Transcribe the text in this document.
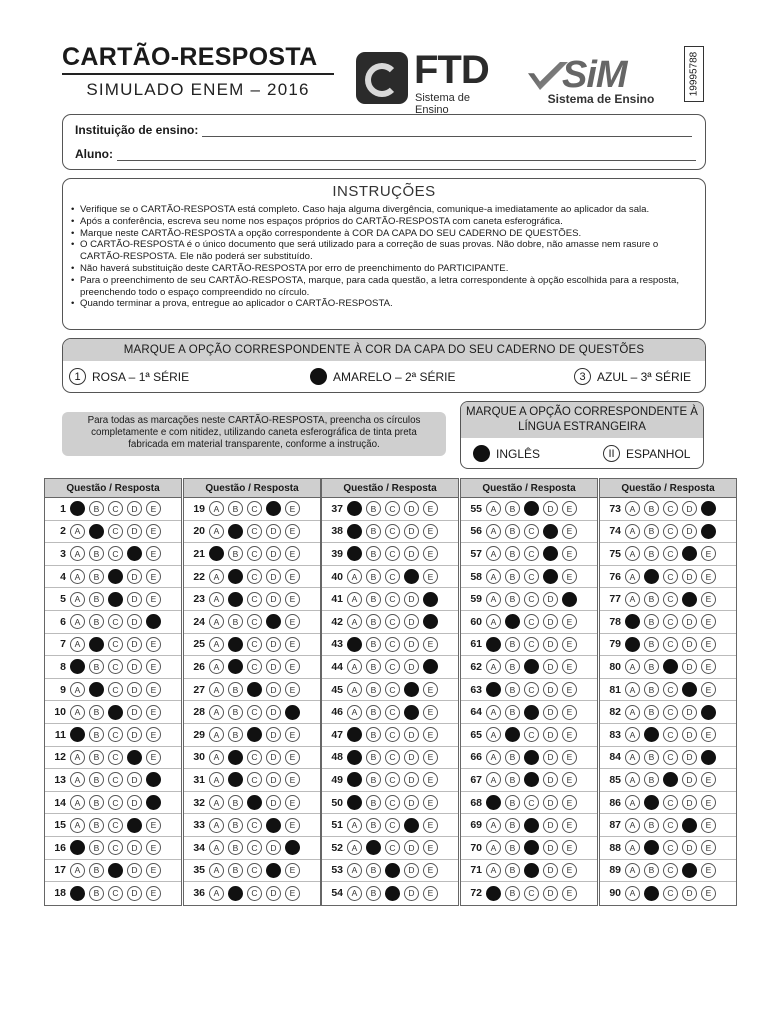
CARTÃO-RESPOSTA
SIMULADO ENEM – 2016	FTD
Sistema de Ensino
SiM
Sistema de Ensino
19995788
Instituição de ensino:
Aluno:
INSTRUÇÕES
• Verifique se o CARTÃO-RESPOSTA está completo. Caso haja alguma divergência, comunique-a imediatamente ao aplicador da sala.
• Após a conferência, escreva seu nome nos espaços próprios do CARTÃO-RESPOSTA com caneta esferográfica.
• Marque neste CARTÃO-RESPOSTA a opção correspondente à COR DA CAPA DO SEU CADERNO DE QUESTÕES.
• O CARTÃO-RESPOSTA é o único documento que será utilizado para a correção de suas provas. Não dobre, não amasse nem rasure o CARTÃO-RESPOSTA. Ele não poderá ser substituído.
• Não haverá substituição deste CARTÃO-RESPOSTA por erro de preenchimento do PARTICIPANTE.
• Para o preenchimento de seu CARTÃO-RESPOSTA, marque, para cada questão, a letra correspondente à opção escolhida para a resposta, preenchendo todo o espaço compreendido no círculo.
• Quando terminar a prova, entregue ao aplicador o CARTÃO-RESPOSTA.
MARQUE A OPÇÃO CORRESPONDENTE À COR DA CAPA DO SEU CADERNO DE QUESTÕES
1 ROSA – 1ª SÉRIE	AMARELO – 2ª SÉRIE	3 AZUL – 3ª SÉRIE
Para todas as marcações neste CARTÃO-RESPOSTA, preencha os círculos completamente e com nitidez, utilizando caneta esferográfica de tinta preta fabricada em material transparente, conforme a instrução.
MARQUE A OPÇÃO CORRESPONDENTE À LÍNGUA ESTRANGEIRA
INGLÊS	II ESPANHOL
Questão / Resposta
1	B	C	D	E
2	A	C	D	E
3	A	B	C	E
4	A	B	D	E
5	A	B	D	E
6	A	B	C	D
7	A	C	D	E
8	B	C	D	E
9	A	C	D	E
10	A	B	D	E
11	B	C	D	E
12	A	B	C	E
13	A	B	C	D
14	A	B	C	D
15	A	B	C	E
16	B	C	D	E
17	A	B	D	E
18	B	C	D	E
Questão / Resposta
19	A	B	C	E
20	A	C	D	E
21	B	C	D	E
22	A	C	D	E
23	A	C	D	E
24	A	B	C	E
25	A	C	D	E
26	A	C	D	E
27	A	B	D	E
28	A	B	C	D
29	A	B	D	E
30	A	C	D	E
31	A	C	D	E
32	A	B	D	E
33	A	B	C	E
34	A	B	C	D
35	A	B	C	E
36	A	C	D	E
Questão / Resposta
37	B	C	D	E
38	B	C	D	E
39	B	C	D	E
40	A	B	C	E
41	A	B	C	D
42	A	B	C	D
43	B	C	D	E
44	A	B	C	D
45	A	B	C	E
46	A	B	C	E
47	B	C	D	E
48	B	C	D	E
49	B	C	D	E
50	B	C	D	E
51	A	B	C	E
52	A	C	D	E
53	A	B	D	E
54	A	B	D	E
Questão / Resposta
55	A	B	D	E
56	A	B	C	E
57	A	B	C	E
58	A	B	C	E
59	A	B	C	D
60	A	C	D	E
61	B	C	D	E
62	A	B	D	E
63	B	C	D	E
64	A	B	D	E
65	A	C	D	E
66	A	B	D	E
67	A	B	D	E
68	B	C	D	E
69	A	B	D	E
70	A	B	D	E
71	A	B	D	E
72	B	C	D	E
Questão / Resposta
73	A	B	C	D
74	A	B	C	D
75	A	B	C	E
76	A	C	D	E
77	A	B	C	E
78	B	C	D	E
79	B	C	D	E
80	A	B	D	E
81	A	B	C	E
82	A	B	C	D
83	A	C	D	E
84	A	B	C	D
85	A	B	D	E
86	A	C	D	E
87	A	B	C	E
88	A	C	D	E
89	A	B	C	E
90	A	C	D	E
